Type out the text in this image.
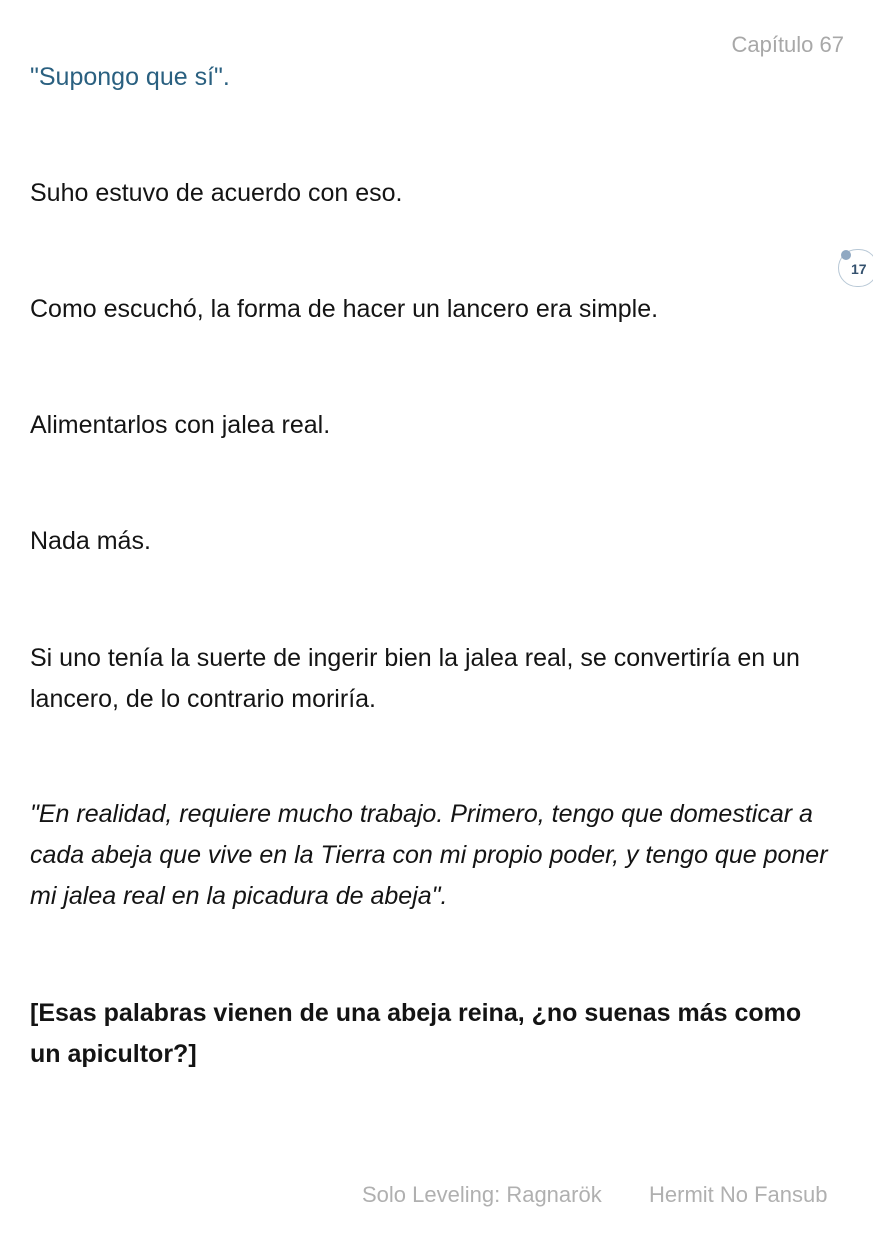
Capítulo 67

"Supongo que sí".

Suho estuvo de acuerdo con eso.

Como escuchó, la forma de hacer un lancero era simple.

Alimentarlos con jalea real.

Nada más.

Si uno tenía la suerte de ingerir bien la jalea real, se convertiría en un lancero, de lo contrario moriría.

"En realidad, requiere mucho trabajo. Primero, tengo que domesticar a cada abeja que vive en la Tierra con mi propio poder, y tengo que poner mi jalea real en la picadura de abeja".

[Esas palabras vienen de una abeja reina, ¿no suenas más como un apicultor?]

17
Solo Leveling: Ragnarök Hermit No Fansub
